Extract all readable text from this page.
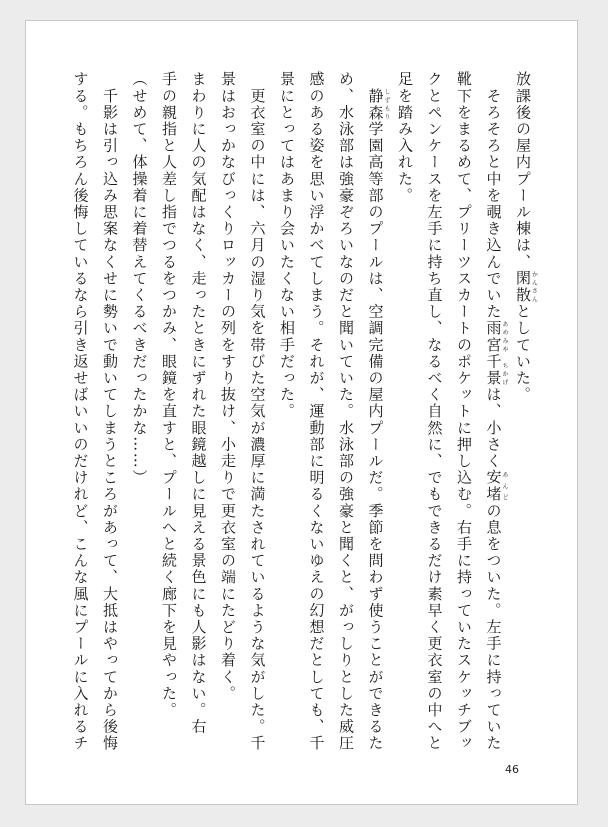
放課後の屋内プール棟は、閑散かんさんとしていた。
　そろそろと中を覗き込んでいた雨宮千景あめみや　ちかげは、小さく安堵あんどの息をついた。左手に持っていた
靴下をまるめて、プリーツスカートのポケットに押し込む。右手に持っていたスケッチブッ
クとペンケースを左手に持ち直し、なるべく自然に、でもできるだけ素早く更衣室の中へと
足を踏み入れた。
　静森しずもり学園高等部のプールは、空調完備の屋内プールだ。季節を問わず使うことができるた
め、水泳部は強豪ぞろいなのだと聞いていた。水泳部の強豪と聞くと、がっしりとした威圧
感のある姿を思い浮かべてしまう。それが、運動部に明るくないゆえの幻想だとしても、千
景にとってはあまり会いたくない相手だった。
　更衣室の中には、六月の湿り気を帯びた空気が濃厚に満たされているような気がした。千
景はおっかなびっくりロッカーの列をすり抜け、小走りで更衣室の端にたどり着く。
まわりに人の気配はなく、走ったときにずれた眼鏡越しに見える景色にも人影はない。右
手の親指と人差し指でつるをつかみ、眼鏡を直すと、プールへと続く廊下を見やった。
（せめて、体操着に着替えてくるべきだったかな……）
　千影は引っ込み思案なくせに勢いで動いてしまうところがあって、大抵はやってから後悔
する。もちろん後悔しているなら引き返せばいいのだけれど、こんな風にプールに入れるチ
46
